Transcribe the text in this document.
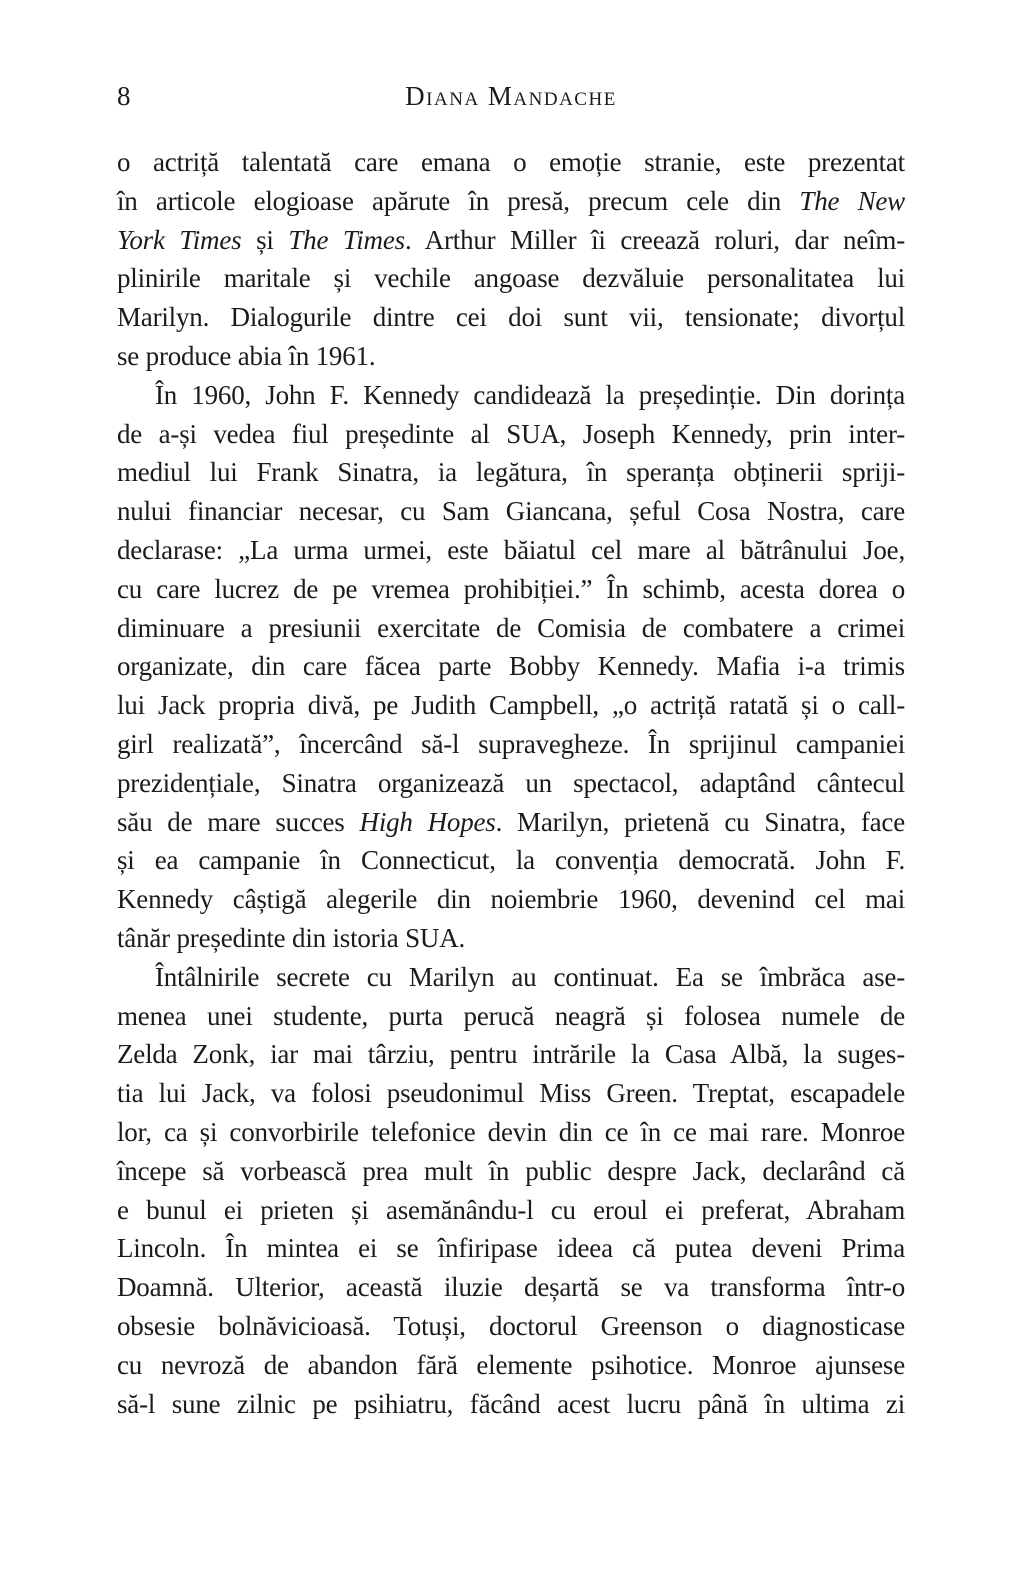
8	Diana Mandache
o actriță talentată care emana o emoție stranie, este prezentat
în articole elogioase apărute în presă, precum cele din The New
York Times și The Times. Arthur Miller îi creează roluri, dar neîm-
plinirile maritale și vechile angoase dezvăluie personalitatea lui
Marilyn. Dialogurile dintre cei doi sunt vii, tensionate; divorțul
se produce abia în 1961.
În 1960, John F. Kennedy candidează la președinție. Din dorința
de a-și vedea fiul președinte al SUA, Joseph Kennedy, prin inter-
mediul lui Frank Sinatra, ia legătura, în speranța obținerii spriji-
nului financiar necesar, cu Sam Giancana, șeful Cosa Nostra, care
declarase: „La urma urmei, este băiatul cel mare al bătrânului Joe,
cu care lucrez de pe vremea prohibiției.” În schimb, acesta dorea o
diminuare a presiunii exercitate de Comisia de combatere a crimei
organizate, din care făcea parte Bobby Kennedy. Mafia i-a trimis
lui Jack propria divă, pe Judith Campbell, „o actriță ratată și o call-
girl realizată”, încercând să-l supravegheze. În sprijinul campaniei
prezidențiale, Sinatra organizează un spectacol, adaptând cântecul
său de mare succes High Hopes. Marilyn, prietenă cu Sinatra, face
și ea campanie în Connecticut, la convenția democrată. John F.
Kennedy câștigă alegerile din noiembrie 1960, devenind cel mai
tânăr președinte din istoria SUA.
Întâlnirile secrete cu Marilyn au continuat. Ea se îmbrăca ase-
menea unei studente, purta perucă neagră și folosea numele de
Zelda Zonk, iar mai târziu, pentru intrările la Casa Albă, la suges-
tia lui Jack, va folosi pseudonimul Miss Green. Treptat, escapadele
lor, ca și convorbirile telefonice devin din ce în ce mai rare. Monroe
începe să vorbească prea mult în public despre Jack, declarând că
e bunul ei prieten și asemănându-l cu eroul ei preferat, Abraham
Lincoln. În mintea ei se înfiripase ideea că putea deveni Prima
Doamnă. Ulterior, această iluzie deșartă se va transforma într-o
obsesie bolnăvicioasă. Totuși, doctorul Greenson o diagnosticase
cu nevroză de abandon fără elemente psihotice. Monroe ajunsese
să-l sune zilnic pe psihiatru, făcând acest lucru până în ultima zi
